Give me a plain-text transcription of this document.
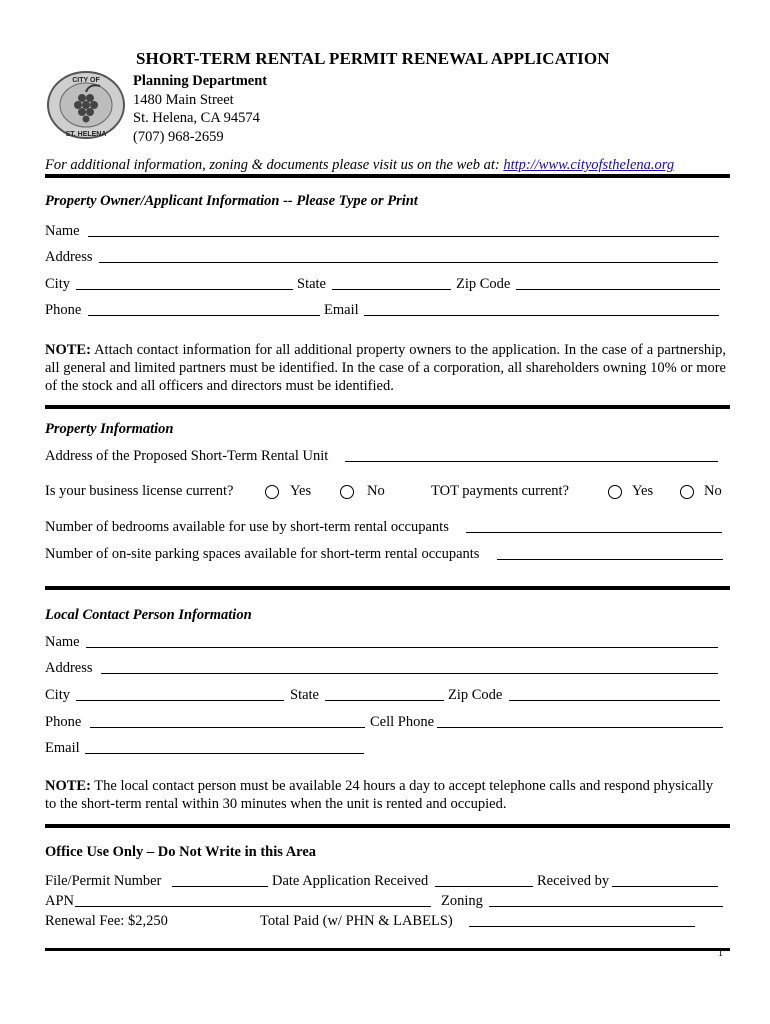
SHORT-TERM RENTAL PERMIT RENEWAL APPLICATION
CITY OF
ST. HELENA
Planning Department
1480 Main Street
St. Helena, CA 94574
(707) 968-2659
For additional information, zoning & documents please visit us on the web at: http://www.cityofsthelena.org
Property Owner/Applicant Information -- Please Type or Print
Name
Address
City	State	Zip Code
Phone	Email
NOTE: Attach contact information for all additional property owners to the application. In the case of a partnership, all general and limited partners must be identified. In the case of a corporation, all shareholders owning 10% or more of the stock and all officers and directors must be identified.
Property Information
Address of the Proposed Short-Term Rental Unit
Is your business license current?	Yes	No	TOT payments current?	Yes	No
Number of bedrooms available for use by short-term rental occupants
Number of on-site parking spaces available for short-term rental occupants
Local Contact Person Information
Name
Address
City	State	Zip Code
Phone	Cell Phone
Email
NOTE: The local contact person must be available 24 hours a day to accept telephone calls and respond physically to the short-term rental within 30 minutes when the unit is rented and occupied.
Office Use Only – Do Not Write in this Area
File/Permit Number	Date Application Received	Received by
APN	Zoning
Renewal Fee: $2,250	Total Paid (w/ PHN & LABELS)
1
